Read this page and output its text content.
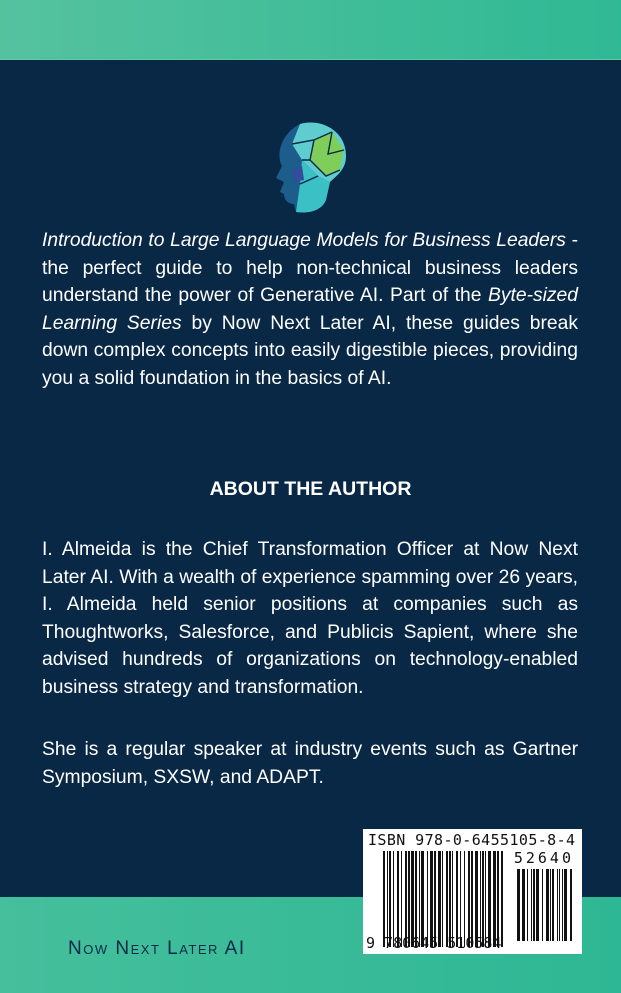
Introduction to Large Language Models for Business Leaders - the perfect guide to help non-technical business leaders understand the power of Generative AI. Part of the Byte-sized Learning Series by Now Next Later AI, these guides break down complex concepts into easily digestible pieces, providing you a solid foundation in the basics of AI.
ABOUT THE AUTHOR
I. Almeida is the Chief Transformation Officer at Now Next Later AI. With a wealth of experience spamming over 26 years, I. Almeida held senior positions at companies such as Thoughtworks, Salesforce, and Publicis Sapient, where she advised hundreds of organizations on technology-enabled business strategy and transformation.
She is a regular speaker at industry events such as Gartner Symposium, SXSW, and ADAPT.
Now Next Later AI
ISBN 978-0-6455105-8-4
52640
9 780645 510584
